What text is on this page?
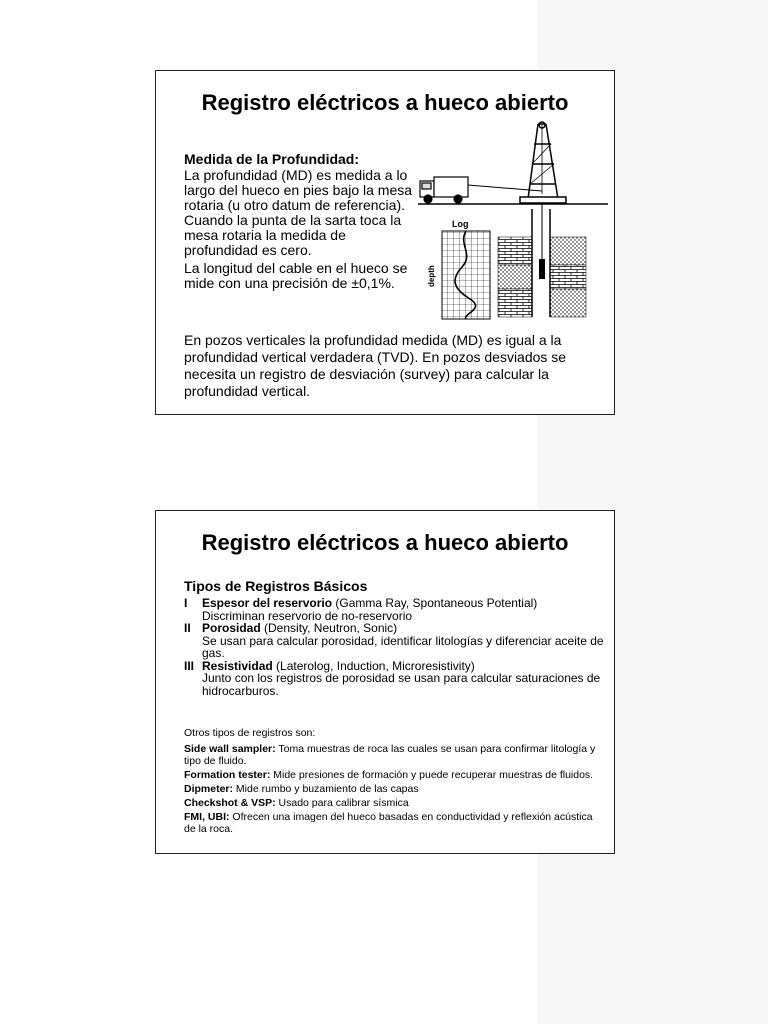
Registro eléctricos a hueco abierto
Medida de la Profundidad:
La profundidad (MD) es medida a lo largo del hueco en pies bajo la mesa rotaria (u otro datum de referencia). Cuando la punta de la sarta toca la mesa rotaria la medida de profundidad es cero.
La longitud del cable en el hueco se mide con una precisión de ±0,1%.
En pozos verticales la profundidad medida (MD) es igual a la profundidad vertical verdadera (TVD). En pozos desviados se necesita un registro de desviación (survey) para calcular la profundidad vertical.
Log
depth
Registro eléctricos a hueco abierto
Tipos de Registros Básicos
I Espesor del reservorio (Gamma Ray, Spontaneous Potential)
Discriminan reservorio de no-reservorio
II Porosidad (Density, Neutron, Sonic)
Se usan para calcular porosidad, identificar litologías y diferenciar aceite de gas.
III Resistividad (Laterolog, Induction, Microresistivity)
Junto con los registros de porosidad se usan para calcular saturaciones de hidrocarburos.
Otros tipos de registros son:
Side wall sampler: Toma muestras de roca las cuales se usan para confirmar litología y tipo de fluido.
Formation tester: Mide presiones de formación y puede recuperar muestras de fluidos.
Dipmeter: Mide rumbo y buzamiento de las capas
Checkshot & VSP: Usado para calibrar sísmica
FMI, UBI: Ofrecen una imagen del hueco basadas en conductividad y reflexión acústica de la roca.
